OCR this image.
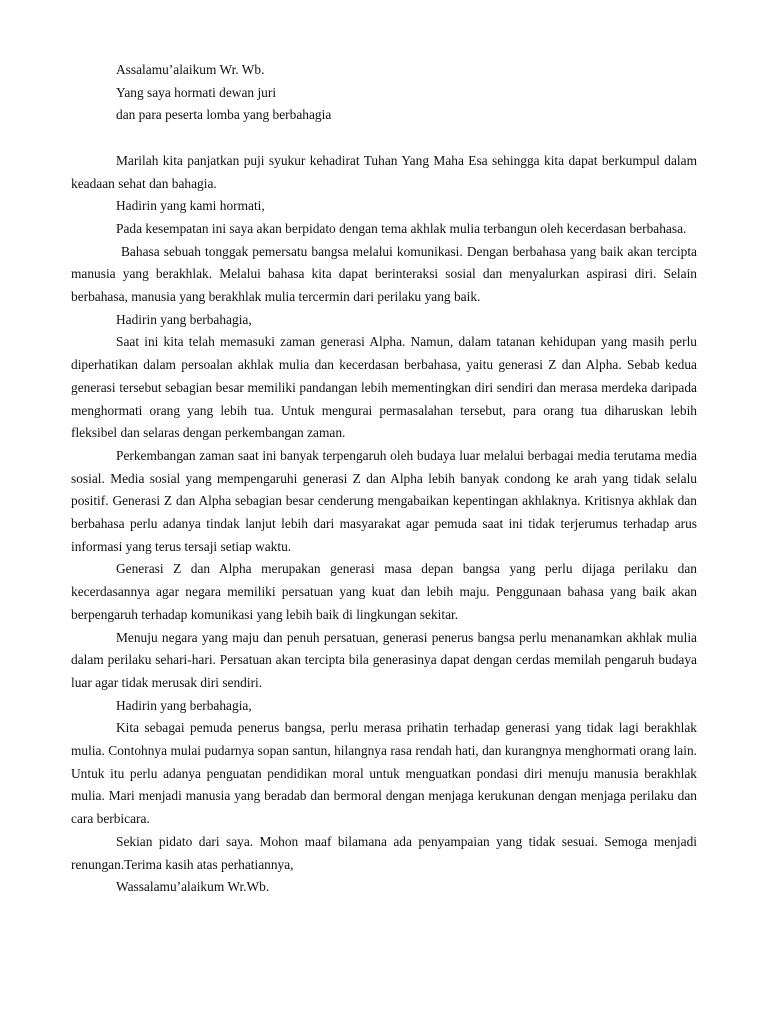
Assalamu’alaikum Wr. Wb.

Yang saya hormati dewan juri

dan para peserta lomba yang berbahagia

Marilah kita panjatkan puji syukur kehadirat Tuhan Yang Maha Esa sehingga kita dapat berkumpul dalam keadaan sehat dan bahagia.

Hadirin yang kami hormati,

Pada kesempatan ini saya akan berpidato dengan tema akhlak mulia terbangun oleh kecerdasan berbahasa.

Bahasa sebuah tonggak pemersatu bangsa melalui komunikasi. Dengan berbahasa yang baik akan tercipta manusia yang berakhlak. Melalui bahasa kita dapat berinteraksi sosial dan menyalurkan aspirasi diri. Selain berbahasa, manusia yang berakhlak mulia tercermin dari perilaku yang baik.

Hadirin yang berbahagia,

Saat ini kita telah memasuki zaman generasi Alpha. Namun, dalam tatanan kehidupan yang masih perlu diperhatikan dalam persoalan akhlak mulia dan kecerdasan berbahasa, yaitu generasi Z dan Alpha. Sebab kedua generasi tersebut sebagian besar memiliki pandangan lebih mementingkan diri sendiri dan merasa merdeka daripada menghormati orang yang lebih tua. Untuk mengurai permasalahan tersebut, para orang tua diharuskan lebih fleksibel dan selaras dengan perkembangan zaman.

Perkembangan zaman saat ini banyak terpengaruh oleh budaya luar melalui berbagai media terutama media sosial. Media sosial yang mempengaruhi generasi Z dan Alpha lebih banyak condong ke arah yang tidak selalu positif. Generasi Z dan Alpha sebagian besar cenderung mengabaikan kepentingan akhlaknya. Kritisnya akhlak dan berbahasa perlu adanya tindak lanjut lebih dari masyarakat agar pemuda saat ini tidak terjerumus terhadap arus informasi yang terus tersaji setiap waktu.

Generasi Z dan Alpha merupakan generasi masa depan bangsa yang perlu dijaga perilaku dan kecerdasannya agar negara memiliki persatuan yang kuat dan lebih maju. Penggunaan bahasa yang baik akan berpengaruh terhadap komunikasi yang lebih baik di lingkungan sekitar.

Menuju negara yang maju dan penuh persatuan, generasi penerus bangsa perlu menanamkan akhlak mulia dalam perilaku sehari-hari. Persatuan akan tercipta bila generasinya dapat dengan cerdas memilah pengaruh budaya luar agar tidak merusak diri sendiri.

Hadirin yang berbahagia,

Kita sebagai pemuda penerus bangsa, perlu merasa prihatin terhadap generasi yang tidak lagi berakhlak mulia. Contohnya mulai pudarnya sopan santun, hilangnya rasa rendah hati, dan kurangnya menghormati orang lain. Untuk itu perlu adanya penguatan pendidikan moral untuk menguatkan pondasi diri menuju manusia berakhlak mulia. Mari menjadi manusia yang beradab dan bermoral dengan menjaga kerukunan dengan menjaga perilaku dan cara berbicara.

Sekian pidato dari saya. Mohon maaf bilamana ada penyampaian yang tidak sesuai. Semoga menjadi renungan.Terima kasih atas perhatiannya,

Wassalamu’alaikum Wr.Wb.
